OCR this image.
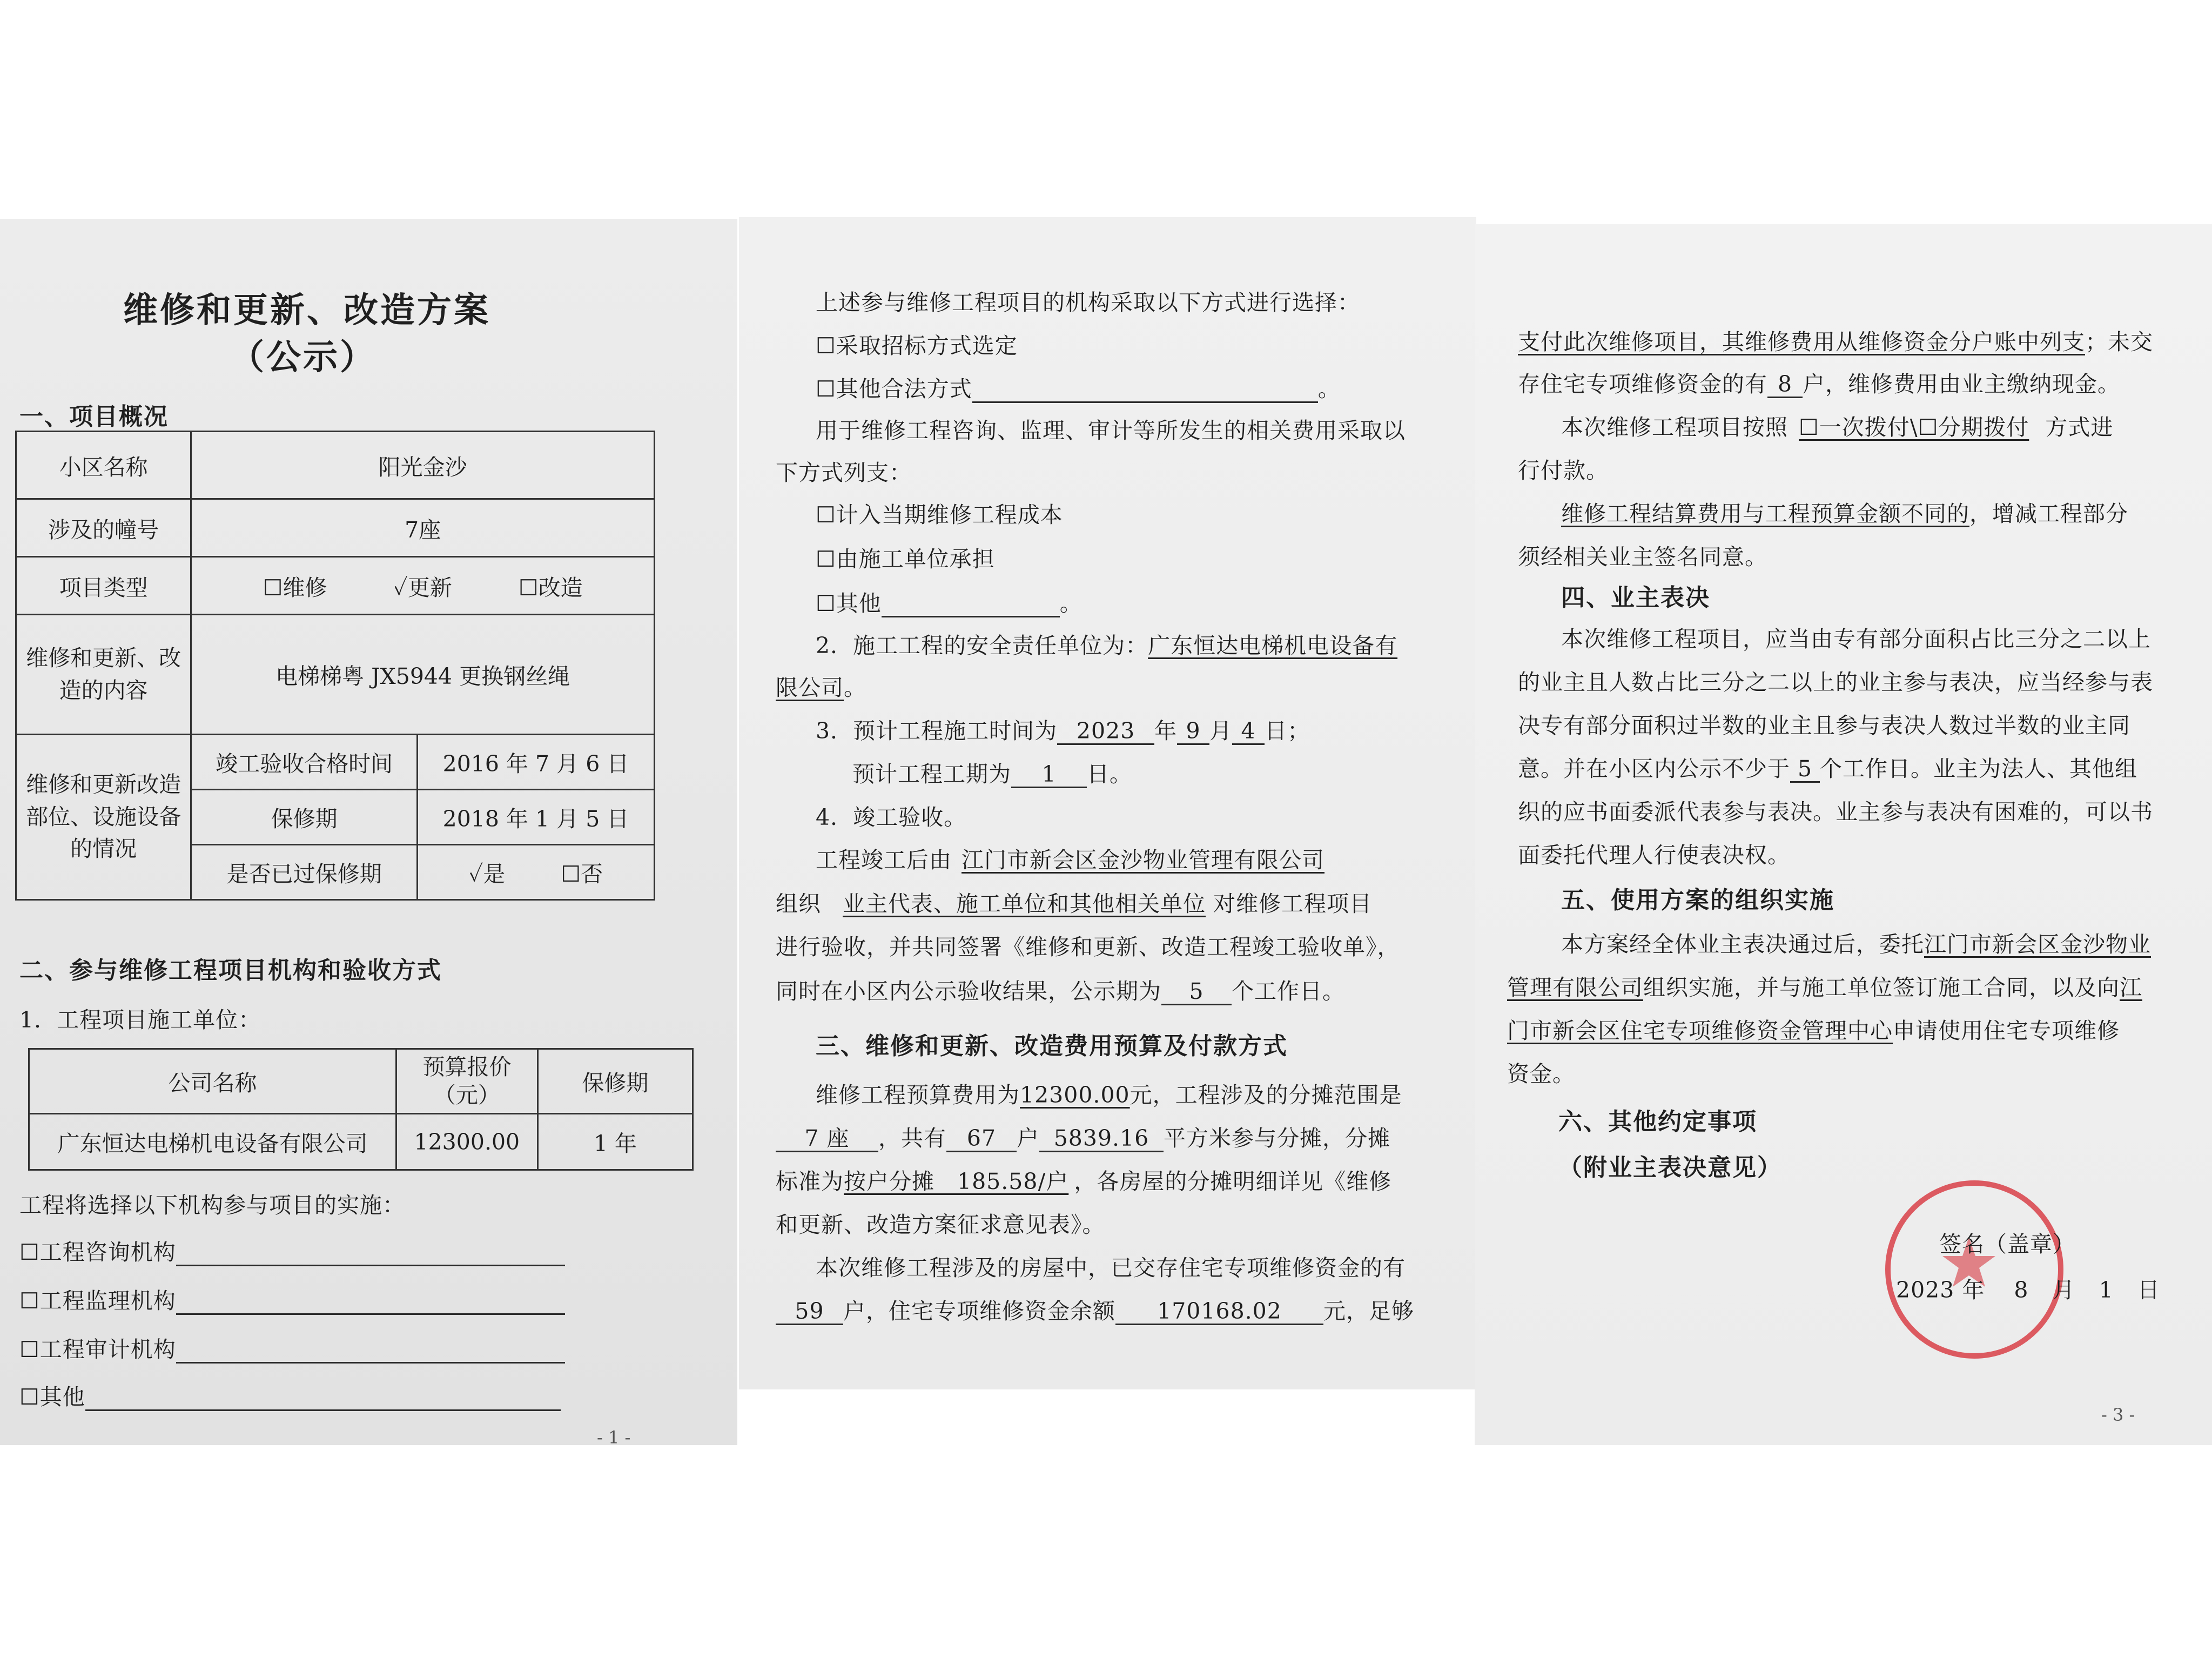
维修和更新、改造方案
（公示）
一、项目概况
小区名称	阳光金沙	
涉及的幢号	7座	
项目类型	☐维修 ✓更新 ☐改造	
维修和更新、改造的内容	电梯梯粤 JX5944 更换钢丝绳	
维修和更新改造部位、设施设备的情况	竣工验收合格时间	2016 年 7 月 6 日
	保修期	2018 年 1 月 5 日
	是否已过保修期	✓是 ☐否
二、参与维修工程项目机构和验收方式
1．工程项目施工单位：
公司名称	预算报价（元）	保修期
广东恒达电梯机电设备有限公司	12300.00	1 年
工程将选择以下机构参与项目的实施：
☐工程咨询机构
☐工程监理机构
☐工程审计机构
☐其他
- 1 -
上述参与维修工程项目的机构采取以下方式进行选择：
☐采取招标方式选定
☐其他合法方式	。
用于维修工程咨询、监理、审计等所发生的相关费用采取以
下方式列支：
☐计入当期维修工程成本
☐由施工单位承担
☐其他	。
2．施工工程的安全责任单位为：广东恒达电梯机电设备有
限公司。
3．预计工程施工时间为 2023 年 9 月 4 日；
预计工程工期为 1 日。
4．竣工验收。
工程竣工后由 江门市新会区金沙物业管理有限公司
组织 业主代表、施工单位和其他相关单位 对维修工程项目
进行验收，并共同签署《维修和更新、改造工程竣工验收单》，
同时在小区内公示验收结果，公示期为 5 个工作日。
三、维修和更新、改造费用预算及付款方式
维修工程预算费用为12300.00元，工程涉及的分摊范围是
7 座 ，共有 67 户 5839.16 平方米参与分摊，分摊
标准为按户分摊　185.58/户 ，各房屋的分摊明细详见《维修
和更新、改造方案征求意见表》。
本次维修工程涉及的房屋中，已交存住宅专项维修资金的有
59 户，住宅专项维修资金余额 170168.02 元，足够
支付此次维修项目，其维修费用从维修资金分户账中列支；未交
存住宅专项维修资金的有 8 户，维修费用由业主缴纳现金。
本次维修工程项目按照 ☐一次拨付\☐分期拨付 方式进
行付款。
维修工程结算费用与工程预算金额不同的，增减工程部分
须经相关业主签名同意。
四、业主表决
本次维修工程项目，应当由专有部分面积占比三分之二以上
的业主且人数占比三分之二以上的业主参与表决，应当经参与表
决专有部分面积过半数的业主且参与表决人数过半数的业主同
意。并在小区内公示不少于 5 个工作日。业主为法人、其他组
织的应书面委派代表参与表决。业主参与表决有困难的，可以书
面委托代理人行使表决权。
五、使用方案的组织实施
本方案经全体业主表决通过后，委托江门市新会区金沙物业
管理有限公司组织实施，并与施工单位签订施工合同，以及向江
门市新会区住宅专项维修资金管理中心申请使用住宅专项维修
资金。
六、其他约定事项
（附业主表决意见）
签名（盖章）
2023 年 8 月 1 日
- 3 -
